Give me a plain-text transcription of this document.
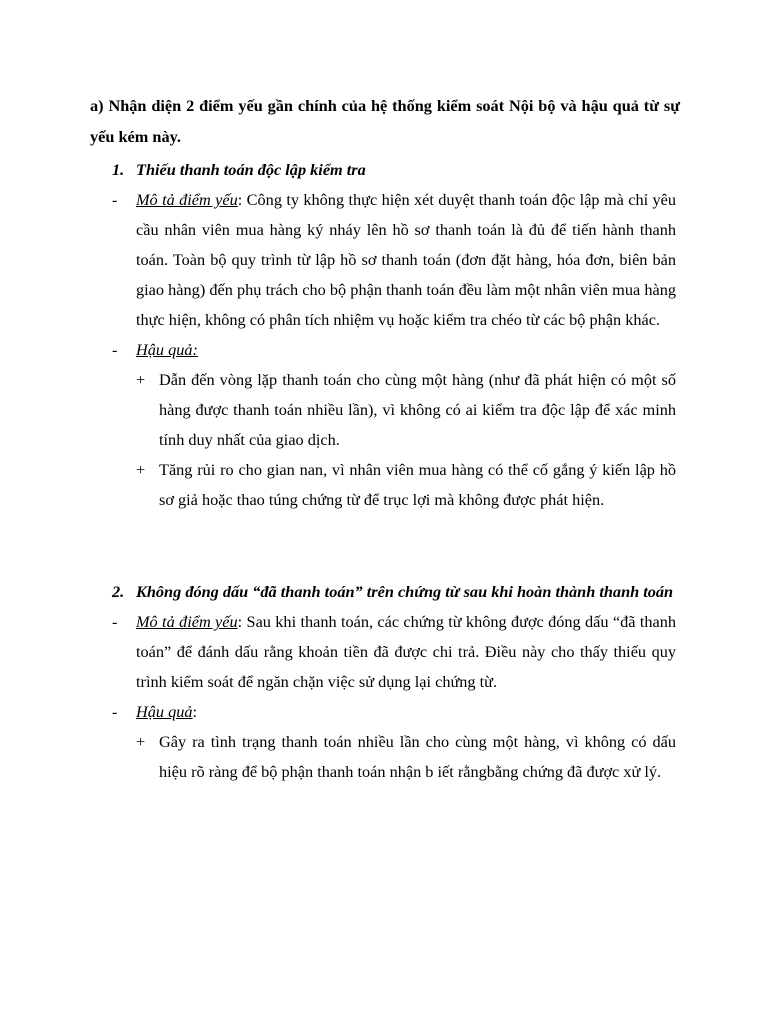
a) Nhận diện 2 điểm yếu gần chính của hệ thống kiểm soát Nội bộ và hậu quả từ sự yếu kém này.
1. Thiếu thanh toán độc lập kiểm tra
- Mô tả điểm yếu: Công ty không thực hiện xét duyệt thanh toán độc lập mà chỉ yêu cầu nhân viên mua hàng ký nháy lên hồ sơ thanh toán là đủ để tiến hành thanh toán. Toàn bộ quy trình từ lập hồ sơ thanh toán (đơn đặt hàng, hóa đơn, biên bản giao hàng) đến phụ trách cho bộ phận thanh toán đều làm một nhân viên mua hàng thực hiện, không có phân tích nhiệm vụ hoặc kiểm tra chéo từ các bộ phận khác.
- Hậu quả:
+ Dẫn đến vòng lặp thanh toán cho cùng một hàng (như đã phát hiện có một số hàng được thanh toán nhiều lần), vì không có ai kiểm tra độc lập để xác minh tính duy nhất của giao dịch.
+ Tăng rủi ro cho gian nan, vì nhân viên mua hàng có thể cố gắng ý kiến lập hồ sơ giả hoặc thao túng chứng từ để trục lợi mà không được phát hiện.
2. Không đóng dấu “đã thanh toán” trên chứng từ sau khi hoàn thành thanh toán
- Mô tả điểm yếu: Sau khi thanh toán, các chứng từ không được đóng dấu “đã thanh toán” để đánh dấu rằng khoản tiền đã được chi trả. Điều này cho thấy thiếu quy trình kiểm soát để ngăn chặn việc sử dụng lại chứng từ.
- Hậu quả:
+ Gây ra tình trạng thanh toán nhiều lần cho cùng một hàng, vì không có dấu hiệu rõ ràng để bộ phận thanh toán nhận b iết rằngbằng chứng đã được xử lý.
